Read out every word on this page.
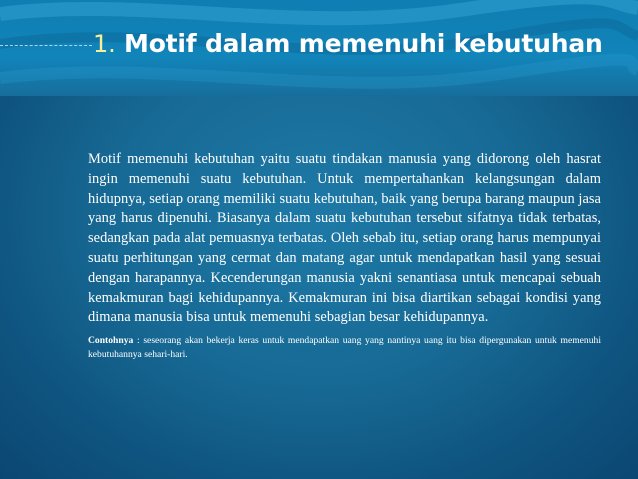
1. Motif dalam memenuhi kebutuhan

Motif memenuhi kebutuhan yaitu suatu tindakan manusia yang didorong oleh hasrat ingin memenuhi suatu kebutuhan. Untuk mempertahankan kelangsungan dalam hidupnya, setiap orang memiliki suatu kebutuhan, baik yang berupa barang maupun jasa yang harus dipenuhi. Biasanya dalam suatu kebutuhan tersebut sifatnya tidak terbatas, sedangkan pada alat pemuasnya terbatas. Oleh sebab itu, setiap orang harus mempunyai suatu perhitungan yang cermat dan matang agar untuk mendapatkan hasil yang sesuai dengan harapannya. Kecenderungan manusia yakni senantiasa untuk mencapai sebuah kemakmuran bagi kehidupannya. Kemakmuran ini bisa diartikan sebagai kondisi yang dimana manusia bisa untuk memenuhi sebagian besar kehidupannya.

Contohnya : seseorang akan bekerja keras untuk mendapatkan uang yang nantinya uang itu bisa dipergunakan untuk memenuhi kebutuhannya sehari-hari.
